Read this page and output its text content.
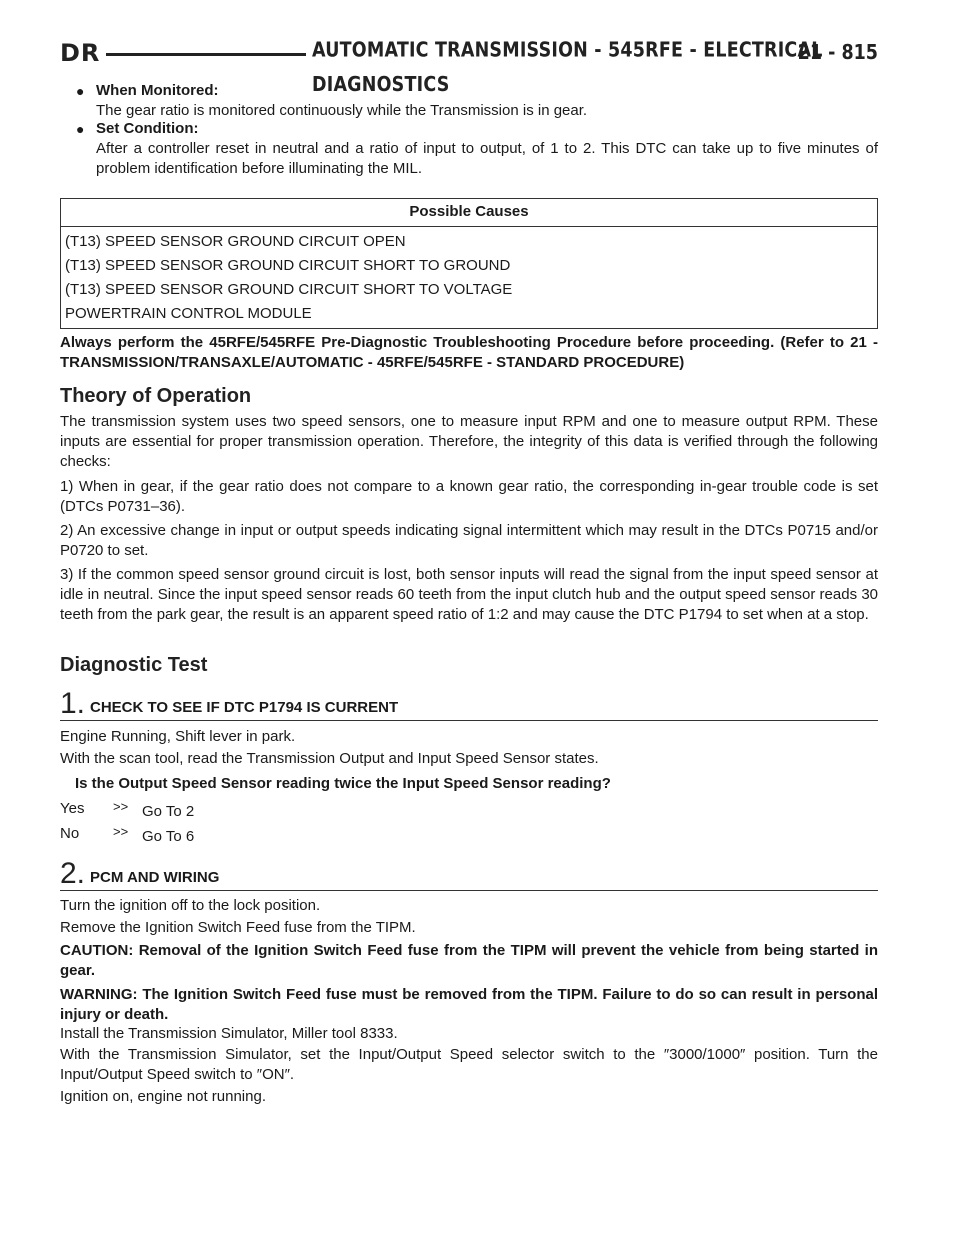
DR	AUTOMATIC TRANSMISSION - 545RFE - ELECTRICAL DIAGNOSTICS
21 - 815
● When Monitored:
The gear ratio is monitored continuously while the Transmission is in gear.
● Set Condition:
After a controller reset in neutral and a ratio of input to output, of 1 to 2. This DTC can take up to five minutes of problem identification before illuminating the MIL.
Possible Causes
(T13) SPEED SENSOR GROUND CIRCUIT OPEN
(T13) SPEED SENSOR GROUND CIRCUIT SHORT TO GROUND
(T13) SPEED SENSOR GROUND CIRCUIT SHORT TO VOLTAGE
POWERTRAIN CONTROL MODULE
Always perform the 45RFE/545RFE Pre-Diagnostic Troubleshooting Procedure before proceeding. (Refer to 21 - TRANSMISSION/TRANSAXLE/AUTOMATIC - 45RFE/545RFE - STANDARD PROCEDURE)
Theory of Operation
The transmission system uses two speed sensors, one to measure input RPM and one to measure output RPM. These inputs are essential for proper transmission operation. Therefore, the integrity of this data is verified through the following checks:
1) When in gear, if the gear ratio does not compare to a known gear ratio, the corresponding in-gear trouble code is set (DTCs P0731–36).
2) An excessive change in input or output speeds indicating signal intermittent which may result in the DTCs P0715 and/or P0720 to set.
3) If the common speed sensor ground circuit is lost, both sensor inputs will read the signal from the input speed sensor at idle in neutral. Since the input speed sensor reads 60 teeth from the input clutch hub and the output speed sensor reads 30 teeth from the park gear, the result is an apparent speed ratio of 1:2 and may cause the DTC P1794 to set when at a stop.
Diagnostic Test
1. CHECK TO SEE IF DTC P1794 IS CURRENT
Engine Running, Shift lever in park.
With the scan tool, read the Transmission Output and Input Speed Sensor states.
Is the Output Speed Sensor reading twice the Input Speed Sensor reading?
Yes >> Go To 2
No	>> Go To 6
2. PCM AND WIRING
Turn the ignition off to the lock position.
Remove the Ignition Switch Feed fuse from the TIPM.
CAUTION: Removal of the Ignition Switch Feed fuse from the TIPM will prevent the vehicle from being started in gear.
WARNING: The Ignition Switch Feed fuse must be removed from the TIPM. Failure to do so can result in personal injury or death.
Install the Transmission Simulator, Miller tool 8333.
With the Transmission Simulator, set the Input/Output Speed selector switch to the ″3000/1000″ position. Turn the Input/Output Speed switch to ″ON″.
Ignition on, engine not running.
